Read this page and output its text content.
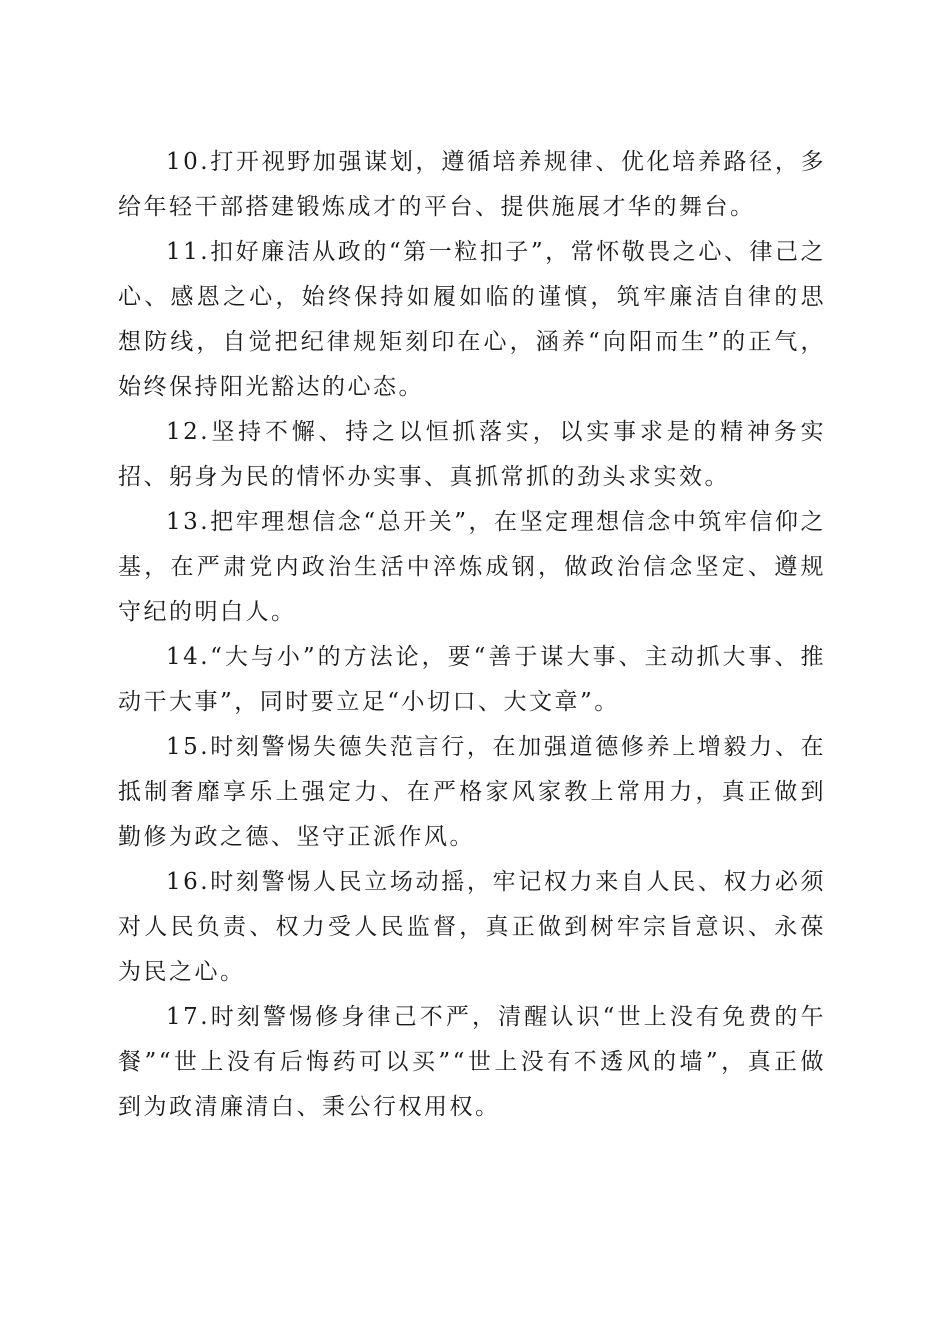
10.打开视野加强谋划，遵循培养规律、优化培养路径，多给年轻干部搭建锻炼成才的平台、提供施展才华的舞台。

11.扣好廉洁从政的“第一粒扣子”，常怀敬畏之心、律己之心、感恩之心，始终保持如履如临的谨慎，筑牢廉洁自律的思想防线，自觉把纪律规矩刻印在心，涵养“向阳而生”的正气，始终保持阳光豁达的心态。

12.坚持不懈、持之以恒抓落实，以实事求是的精神务实招、躬身为民的情怀办实事、真抓常抓的劲头求实效。

13.把牢理想信念“总开关”，在坚定理想信念中筑牢信仰之基，在严肃党内政治生活中淬炼成钢，做政治信念坚定、遵规守纪的明白人。

14.“大与小”的方法论，要“善于谋大事、主动抓大事、推动干大事”，同时要立足“小切口、大文章”。

15.时刻警惕失德失范言行，在加强道德修养上增毅力、在抵制奢靡享乐上强定力、在严格家风家教上常用力，真正做到勤修为政之德、坚守正派作风。

16.时刻警惕人民立场动摇，牢记权力来自人民、权力必须对人民负责、权力受人民监督，真正做到树牢宗旨意识、永葆为民之心。

17.时刻警惕修身律己不严，清醒认识“世上没有免费的午餐”“世上没有后悔药可以买”“世上没有不透风的墙”，真正做到为政清廉清白、秉公行权用权。
